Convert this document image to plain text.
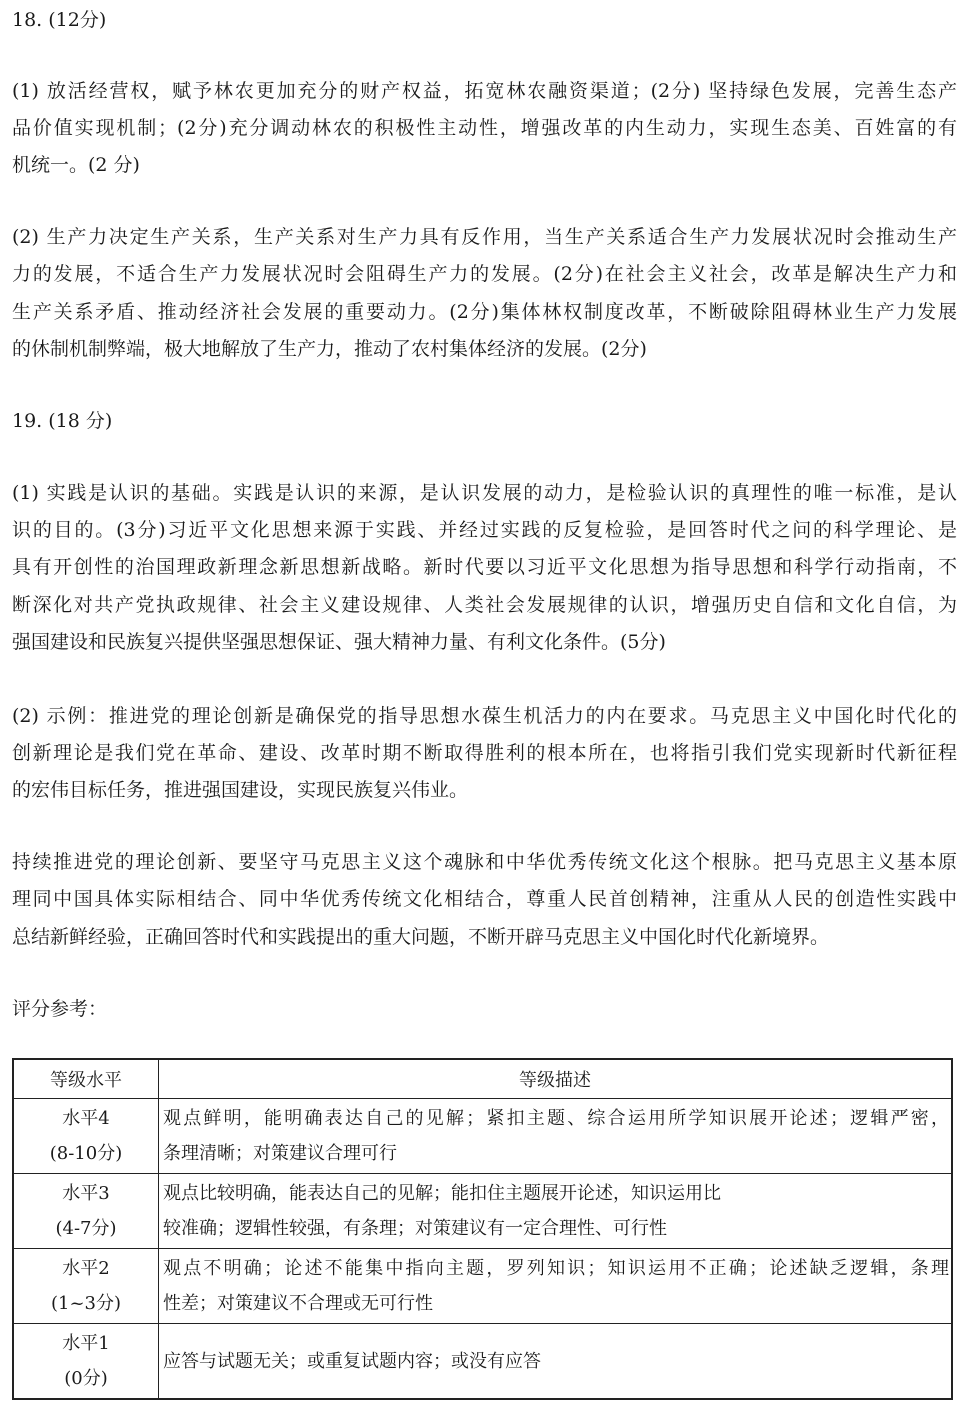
18. (12分)
(1) 放活经营权，赋予林农更加充分的财产权益，拓宽林农融资渠道；(2分) 坚持绿色发展，完善生态产
品价值实现机制；(2分)充分调动林农的积极性主动性，增强改革的内生动力，实现生态美、百姓富的有
机统一。(2 分)
(2) 生产力决定生产关系，生产关系对生产力具有反作用，当生产关系适合生产力发展状况时会推动生产
力的发展，不适合生产力发展状况时会阻碍生产力的发展。(2分)在社会主义社会，改革是解决生产力和
生产关系矛盾、推动经济社会发展的重要动力。(2分)集体林权制度改革，不断破除阻碍林业生产力发展
的休制机制弊端，极大地解放了生产力，推动了农村集体经济的发展。(2分)
19. (18 分)
(1) 实践是认识的基础。实践是认识的来源，是认识发展的动力，是检验认识的真理性的唯一标准，是认
识的目的。(3分)习近平文化思想来源于实践、并经过实践的反复检验，是回答时代之问的科学理论、是
具有开创性的治国理政新理念新思想新战略。新时代要以习近平文化思想为指导思想和科学行动指南，不
断深化对共产党执政规律、社会主义建设规律、人类社会发展规律的认识，增强历史自信和文化自信，为
强国建设和民族复兴提供坚强思想保证、强大精神力量、有利文化条件。(5分)
(2) 示例：推进党的理论创新是确保党的指导思想水葆生机活力的内在要求。马克思主义中国化时代化的
创新理论是我们党在革命、建设、改革时期不断取得胜利的根本所在，也将指引我们党实现新时代新征程
的宏伟目标任务，推进强国建设，实现民族复兴伟业。
持续推进党的理论创新、要坚守马克思主义这个魂脉和中华优秀传统文化这个根脉。把马克思主义基本原
理同中国具体实际相结合、同中华优秀传统文化相结合，尊重人民首创精神，注重从人民的创造性实践中
总结新鲜经验，正确回答时代和实践提出的重大问题，不断开辟马克思主义中国化时代化新境界。
评分参考：
等级水平	等级描述

水平4
(8-10分)	观点鲜明，能明确表达自己的见解；紧扣主题、综合运用所学知识展开论述；逻辑严密，
条理清晰；对策建议合理可行

水平3
(4-7分)	观点比较明确，能表达自己的见解；能扣住主题展开论述，知识运用比
较准确；逻辑性较强，有条理；对策建议有一定合理性、可行性

水平2
(1~3分)	观点不明确；论述不能集中指向主题，罗列知识；知识运用不正确；论述缺乏逻辑，条理
性差；对策建议不合理或无可行性

水平1
(0分)	应答与试题无关；或重复试题内容；或没有应答
